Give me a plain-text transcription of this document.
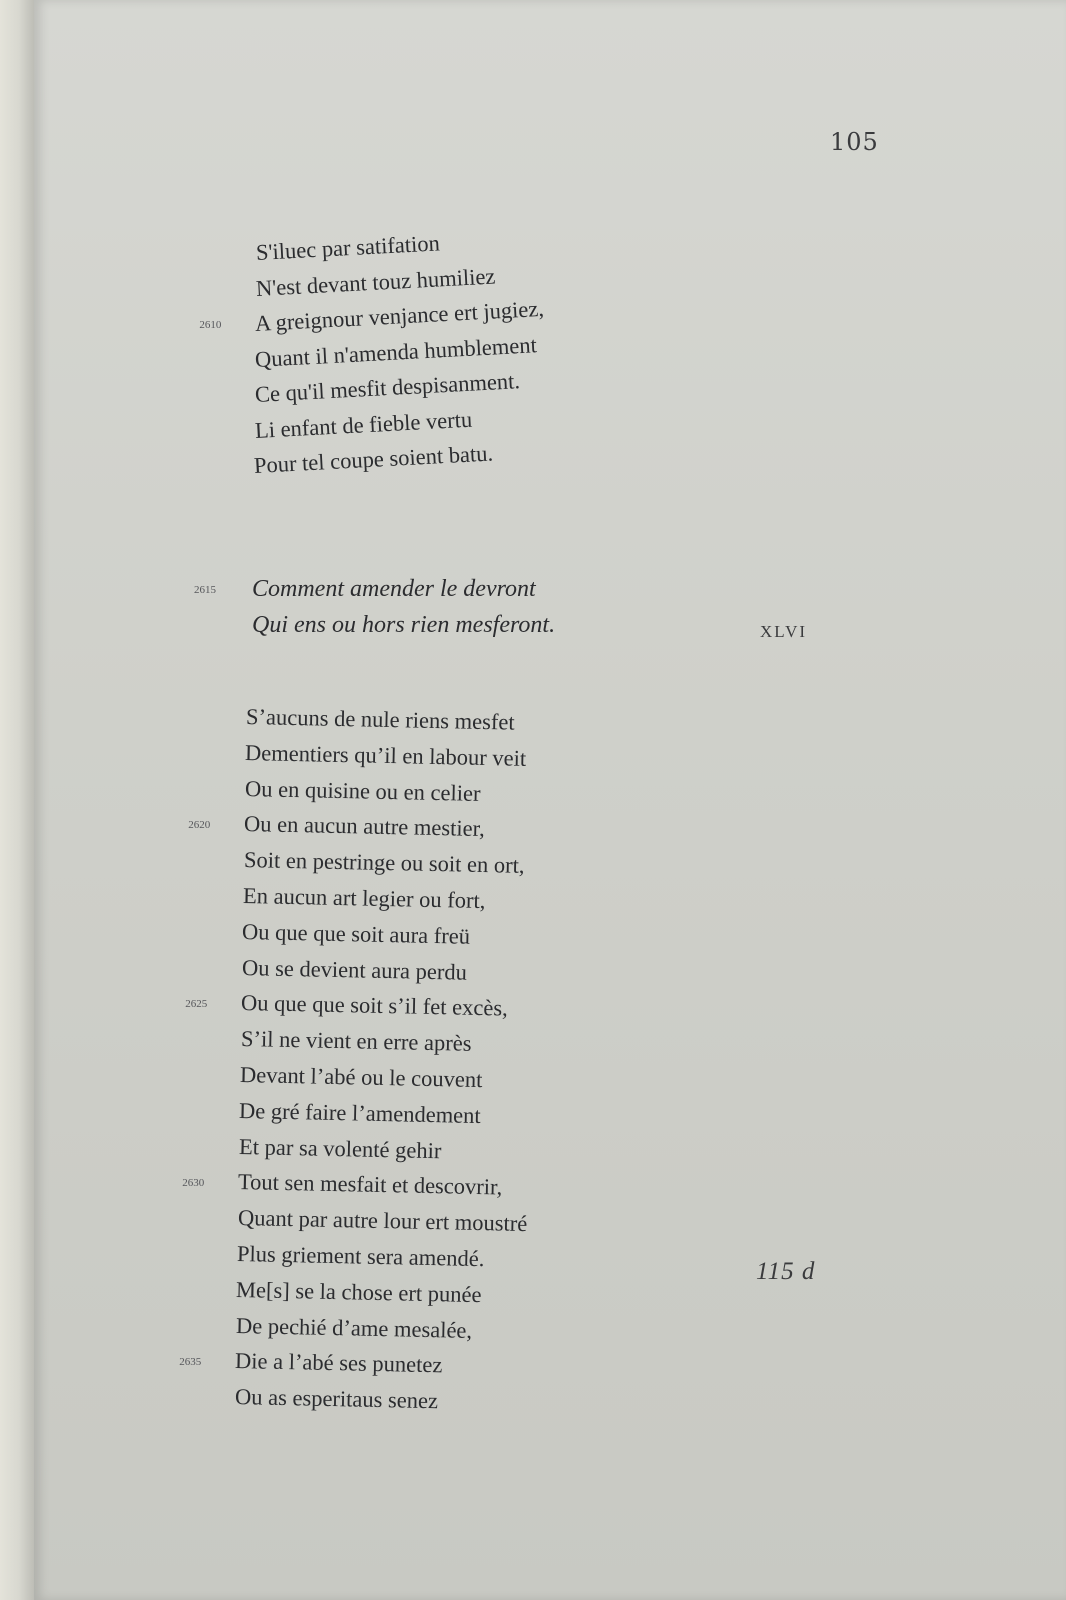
105
S'iluec par satifation
N'est devant touz humiliez
A greignour venjance ert jugiez,
2610
Quant il n'amenda humblement
Ce qu'il mesfit despisanment.
Li enfant de fieble vertu
Pour tel coupe soient batu.
Comment amender le devront
2615
Qui ens ou hors rien mesferont.	XLVI
S’aucuns de nule riens mesfet
Dementiers qu’il en labour veit
Ou en quisine ou en celier
Ou en aucun autre mestier,
2620
Soit en pestringe ou soit en ort,
En aucun art legier ou fort,
Ou que que soit aura freü
Ou se devient aura perdu
Ou que que soit s’il fet excès,
2625
S’il ne vient en erre après
Devant l’abé ou le couvent
De gré faire l’amendement
Et par sa volenté gehir
Tout sen mesfait et descovrir,
2630
Quant par autre lour ert moustré
Plus griement sera amendé.
Me[s] se la chose ert punée
De pechié d’ame mesalée,
Die a l’abé ses punetez
2635
Ou as esperitaus senez
115 d
